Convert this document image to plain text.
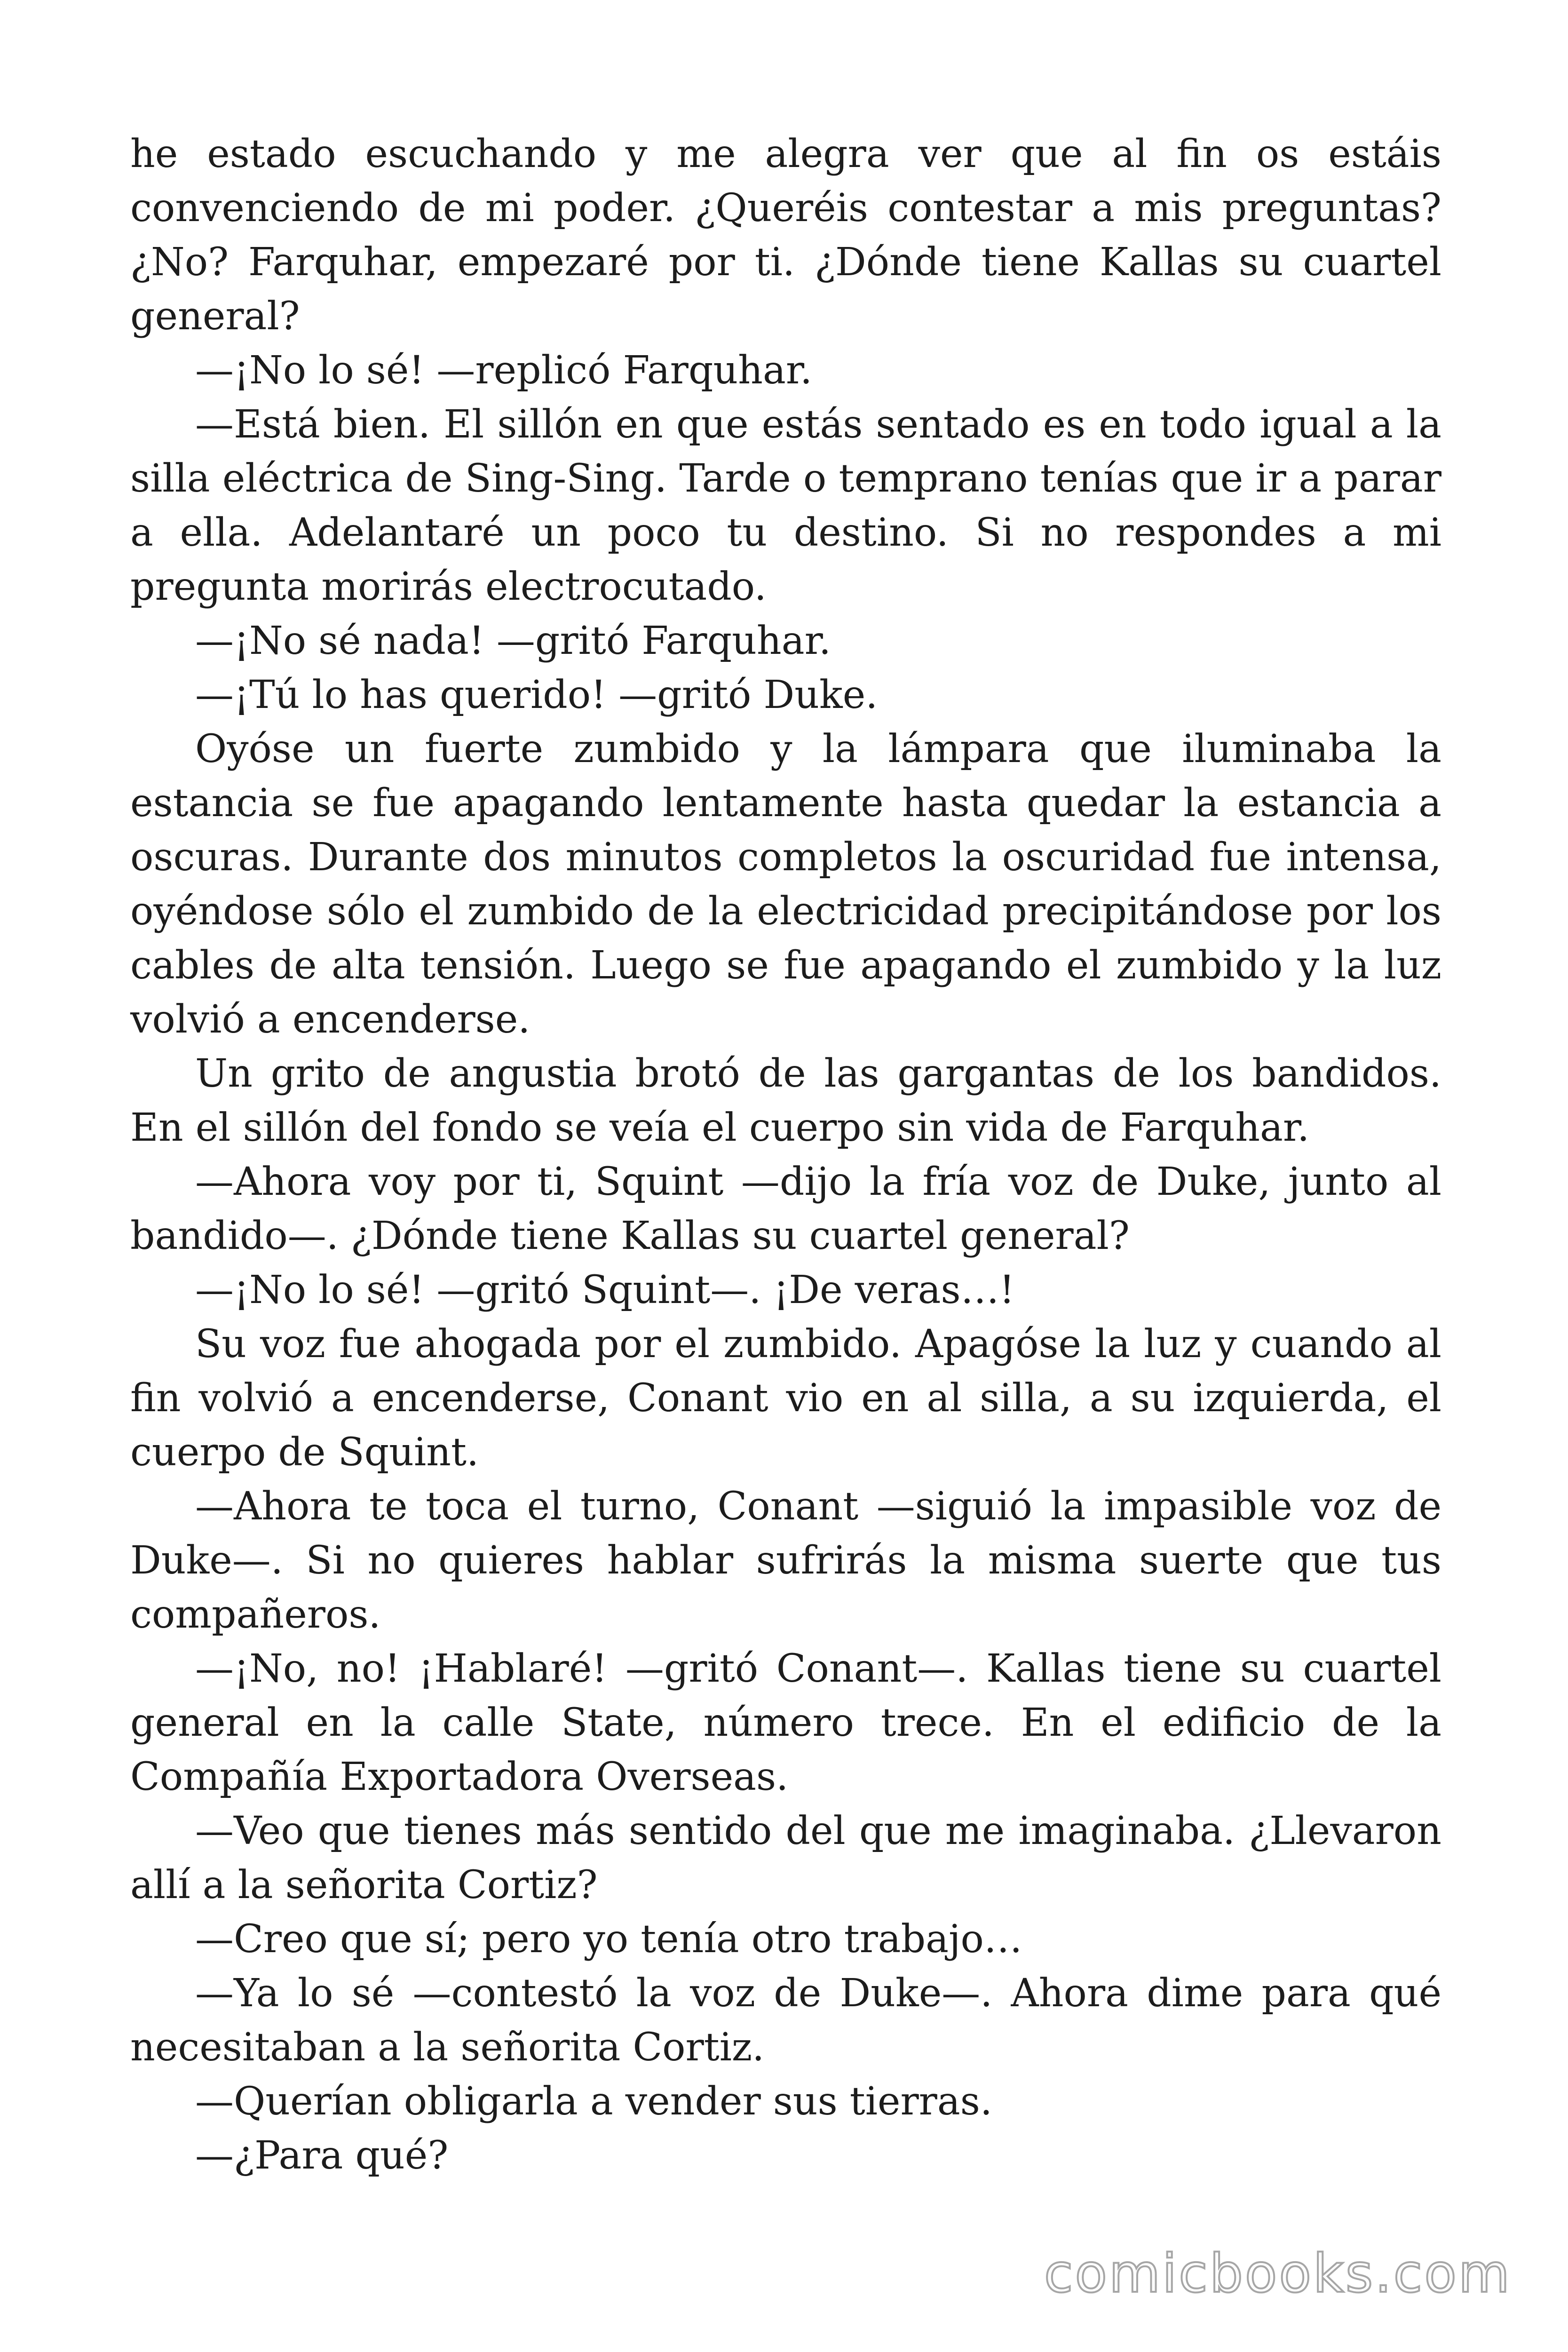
he estado escuchando y me alegra ver que al fin os estáis convenciendo de mi poder. ¿Queréis contestar a mis preguntas? ¿No? Farquhar, empezaré por ti. ¿Dónde tiene Kallas su cuartel general?

—¡No lo sé! —replicó Farquhar.

—Está bien. El sillón en que estás sentado es en todo igual a la silla eléctrica de Sing-Sing. Tarde o temprano tenías que ir a parar a ella. Adelantaré un poco tu destino. Si no respondes a mi pregunta morirás electrocutado.

—¡No sé nada! —gritó Farquhar.

—¡Tú lo has querido! —gritó Duke.

Oyóse un fuerte zumbido y la lámpara que iluminaba la estancia se fue apagando lentamente hasta quedar la estancia a oscuras. Durante dos minutos completos la oscuridad fue intensa, oyéndose sólo el zumbido de la electricidad precipitándose por los cables de alta tensión. Luego se fue apagando el zumbido y la luz volvió a encenderse.

Un grito de angustia brotó de las gargantas de los bandidos. En el sillón del fondo se veía el cuerpo sin vida de Farquhar.

—Ahora voy por ti, Squint —dijo la fría voz de Duke, junto al bandido—. ¿Dónde tiene Kallas su cuartel general?

—¡No lo sé! —gritó Squint—. ¡De veras…!

Su voz fue ahogada por el zumbido. Apagóse la luz y cuando al fin volvió a encenderse, Conant vio en al silla, a su izquierda, el cuerpo de Squint.

—Ahora te toca el turno, Conant —siguió la impasible voz de Duke—. Si no quieres hablar sufrirás la misma suerte que tus compañeros.

—¡No, no! ¡Hablaré! —gritó Conant—. Kallas tiene su cuartel general en la calle State, número trece. En el edificio de la Compañía Exportadora Overseas.

—Veo que tienes más sentido del que me imaginaba. ¿Llevaron allí a la señorita Cortiz?

—Creo que sí; pero yo tenía otro trabajo…

—Ya lo sé —contestó la voz de Duke—. Ahora dime para qué necesitaban a la señorita Cortiz.

—Querían obligarla a vender sus tierras.

—¿Para qué?

comicbooks.com
